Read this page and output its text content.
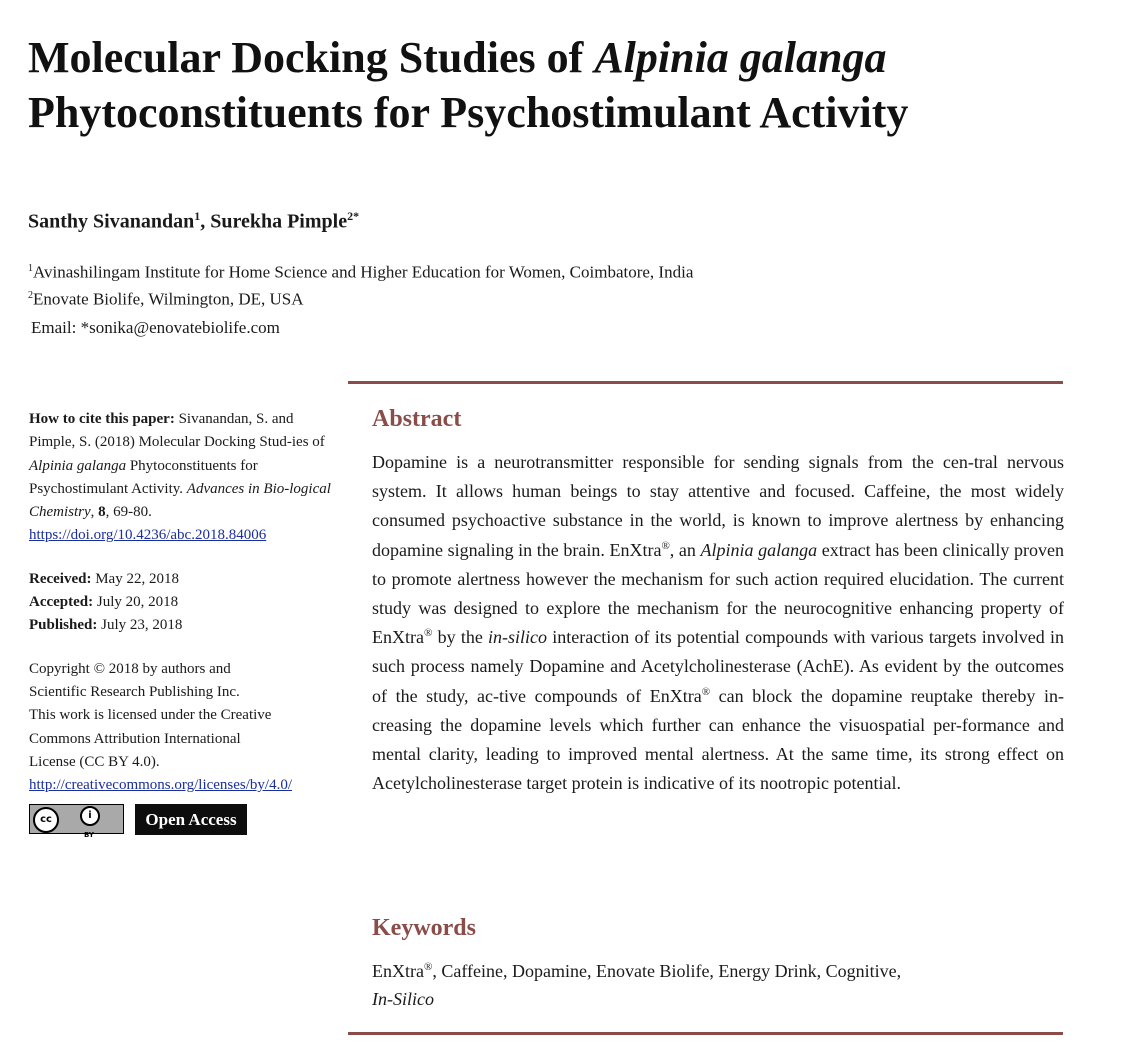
Molecular Docking Studies of Alpinia galanga
Phytoconstituents for Psychostimulant Activity
Santhy Sivanandan$^1$, Surekha Pimple$^{2*}$
$^1$Avinashilingam Institute for Home Science and Higher Education for Women, Coimbatore, India
$^2$Enovate Biolife, Wilmington, DE, USA
Email: *sonika@enovatebiolife.com

How to cite this paper: Sivanandan, S. and Pimple, S. (2018) Molecular Docking Stud-ies of Alpinia galanga Phytoconstituents for Psychostimulant Activity. Advances in Bio-logical Chemistry, 8, 69-80.
https://doi.org/10.4236/abc.2018.84006

Received: May 22, 2018
Accepted: July 20, 2018
Published: July 23, 2018

Copyright © 2018 by authors and
Scientific Research Publishing Inc.
This work is licensed under the Creative
Commons Attribution International
License (CC BY 4.0).
http://creativecommons.org/licenses/by/4.0/

cc	i
BY
Open Access
Abstract

Dopamine is a neurotransmitter responsible for sending signals from the cen-tral nervous system. It allows human beings to stay attentive and focused. Caffeine, the most widely consumed psychoactive substance in the world, is known to improve alertness by enhancing dopamine signaling in the brain. EnXtra®, an Alpinia galanga extract has been clinically proven to promote alertness however the mechanism for such action required elucidation. The current study was designed to explore the mechanism for the neurocognitive enhancing property of EnXtra® by the in-silico interaction of its potential compounds with various targets involved in such process namely Dopamine and Acetylcholinesterase (AchE). As evident by the outcomes of the study, ac-tive compounds of EnXtra® can block the dopamine reuptake thereby in-creasing the dopamine levels which further can enhance the visuospatial per-formance and mental clarity, leading to improved mental alertness. At the same time, its strong effect on Acetylcholinesterase target protein is indicative of its nootropic potential.

Keywords

EnXtra®, Caffeine, Dopamine, Enovate Biolife, Energy Drink, Cognitive,
In-Silico
